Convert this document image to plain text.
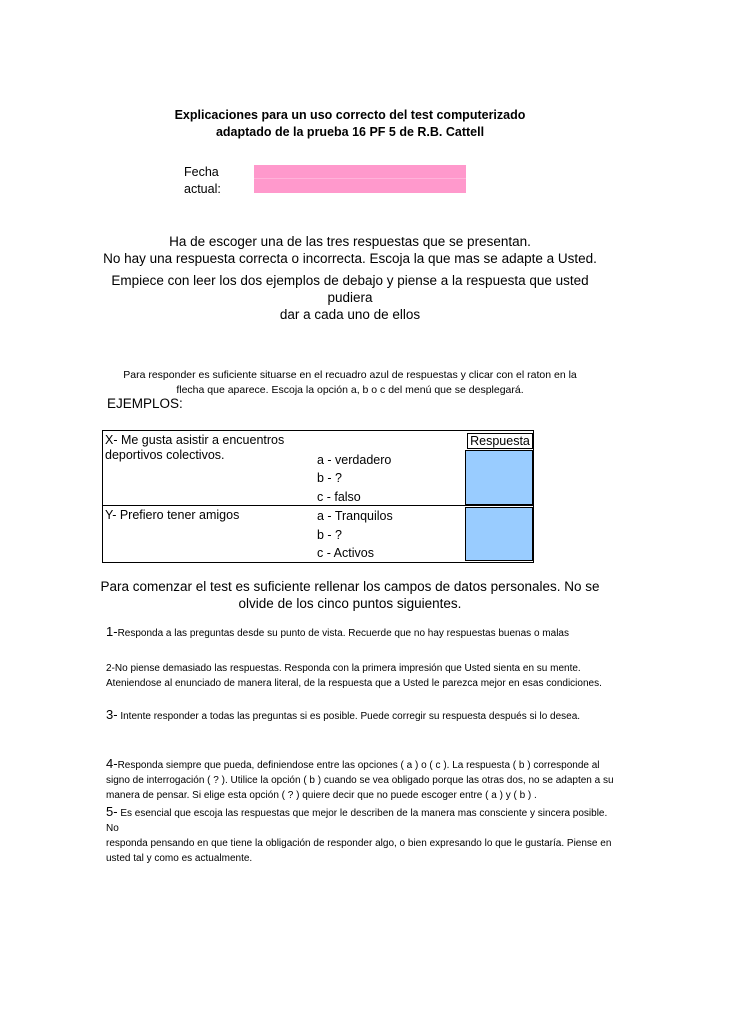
Explicaciones para un uso correcto del test computerizado
adaptado de la prueba 16 PF 5 de R.B. Cattell
Fecha
actual:
Ha de escoger una de las tres respuestas que se presentan.
No hay una respuesta correcta o incorrecta. Escoja la que mas se adapte a Usted.
Empiece con leer los dos ejemplos de debajo y piense a la respuesta que usted pudiera
dar a cada uno de ellos
Para responder es suficiente situarse en el recuadro azul de respuestas y clicar con el raton en la
flecha que aparece. Escoja la opción a, b o c del menú que se desplegará.
EJEMPLOS:
Respuesta
X- Me gusta asistir a encuentros
deportivos colectivos.	a - verdadero
b - ?
c - falso
Y- Prefiero tener amigos	a - Tranquilos
b - ?
c - Activos
Para comenzar el test es suficiente rellenar los campos de datos personales. No se
olvide de los cinco puntos siguientes.
1-Responda a las preguntas desde su punto de vista. Recuerde que no hay respuestas buenas o malas
2-No piense demasiado las respuestas. Responda con la primera impresión que Usted sienta en su mente.
Ateniendose al enunciado de manera literal, de la respuesta que a Usted le parezca mejor en esas condiciones.
3- Intente responder a todas las preguntas si es posible. Puede corregir su respuesta después si lo desea.
4-Responda siempre que pueda, definiendose entre las opciones ( a ) o ( c ). La respuesta ( b ) corresponde al
signo de interrogación ( ? ). Utilice la opción ( b ) cuando se vea obligado porque las otras dos, no se adapten a su
manera de pensar. Si elige esta opción ( ? ) quiere decir que no puede escoger entre ( a ) y ( b ) .
5- Es esencial que escoja las respuestas que mejor le describen de la manera mas consciente y sincera posible. No
responda pensando en que tiene la obligación de responder algo, o bien expresando lo que le gustaría. Piense en
usted tal y como es actualmente.
